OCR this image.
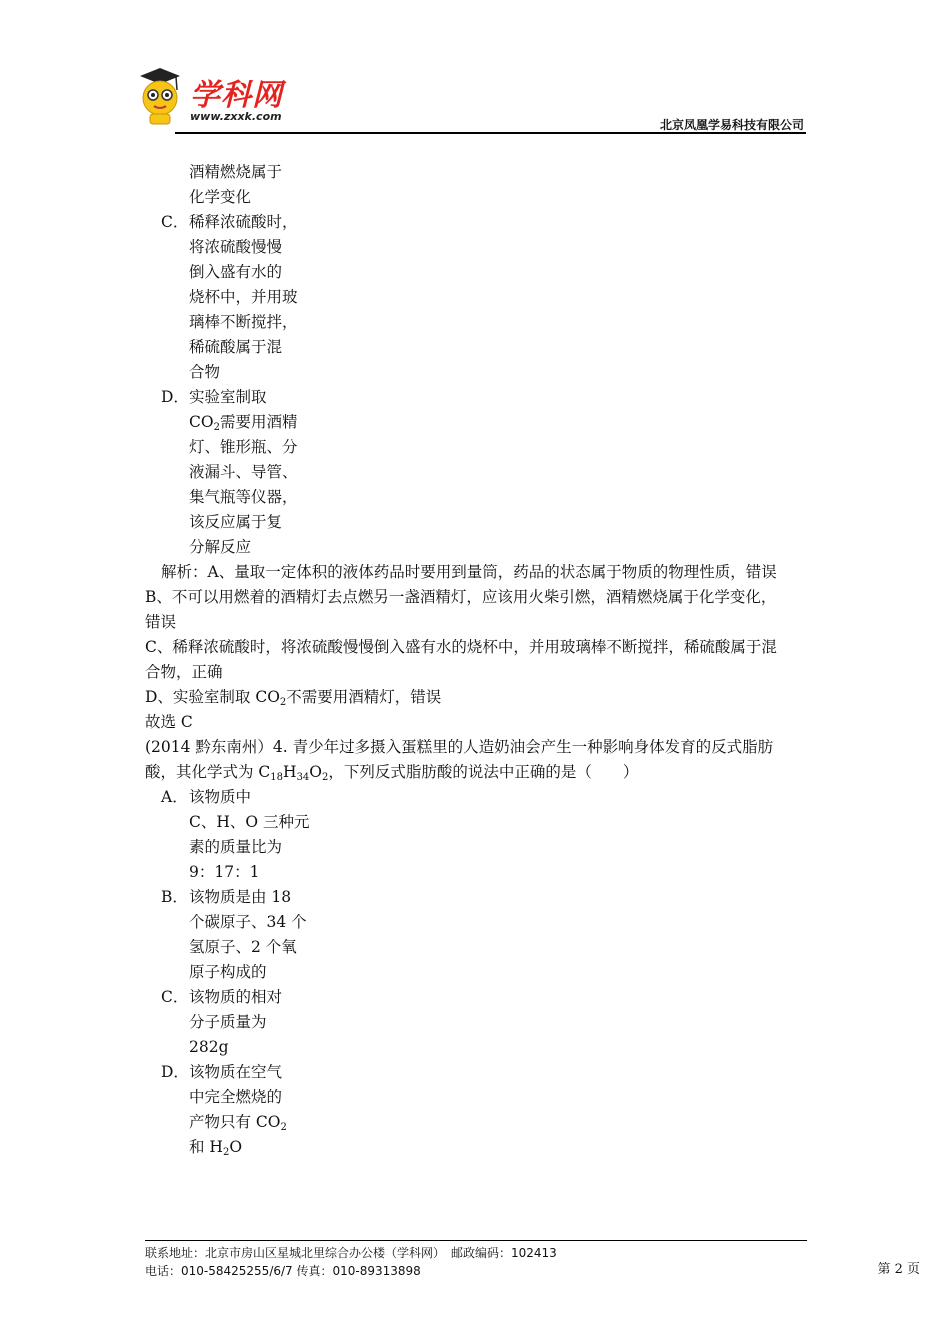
学科网
www.zxxk.com
北京凤凰学易科技有限公司
酒精燃烧属于
化学变化
C． 稀释浓硫酸时，
将浓硫酸慢慢
倒入盛有水的
烧杯中，并用玻
璃棒不断搅拌，
稀硫酸属于混
合物
D． 实验室制取
$CO_2$需要用酒精
灯、锥形瓶、分
液漏斗、导管、
集气瓶等仪器，
该反应属于复
分解反应
解析：A、量取一定体积的液体药品时要用到量筒，药品的状态属于物质的物理性质，错误
B、不可以用燃着的酒精灯去点燃另一盏酒精灯，应该用火柴引燃，酒精燃烧属于化学变化，
错误
C、稀释浓硫酸时，将浓硫酸慢慢倒入盛有水的烧杯中，并用玻璃棒不断搅拌，稀硫酸属于混
合物，正确
D、实验室制取 $CO_2$不需要用酒精灯，错误
故选 C
(2014 黔东南州）4. 青少年过多摄入蛋糕里的人造奶油会产生一种影响身体发育的反式脂肪
酸，其化学式为 $C_{18}H_{34}O_2$，下列反式脂肪酸的说法中正确的是（　　）
A． 该物质中
C、H、O 三种元
素的质量比为
9：17：1
B． 该物质是由 18
个碳原子、34 个
氢原子、2 个氧
原子构成的
C． 该物质的相对
分子质量为
282g
D． 该物质在空气
中完全燃烧的
产物只有 $CO_2$
和 $H_2O$
联系地址：北京市房山区星城北里综合办公楼（学科网）　邮政编码：102413
电话：010-58425255/6/7 传真：010-89313898	第 2 页
